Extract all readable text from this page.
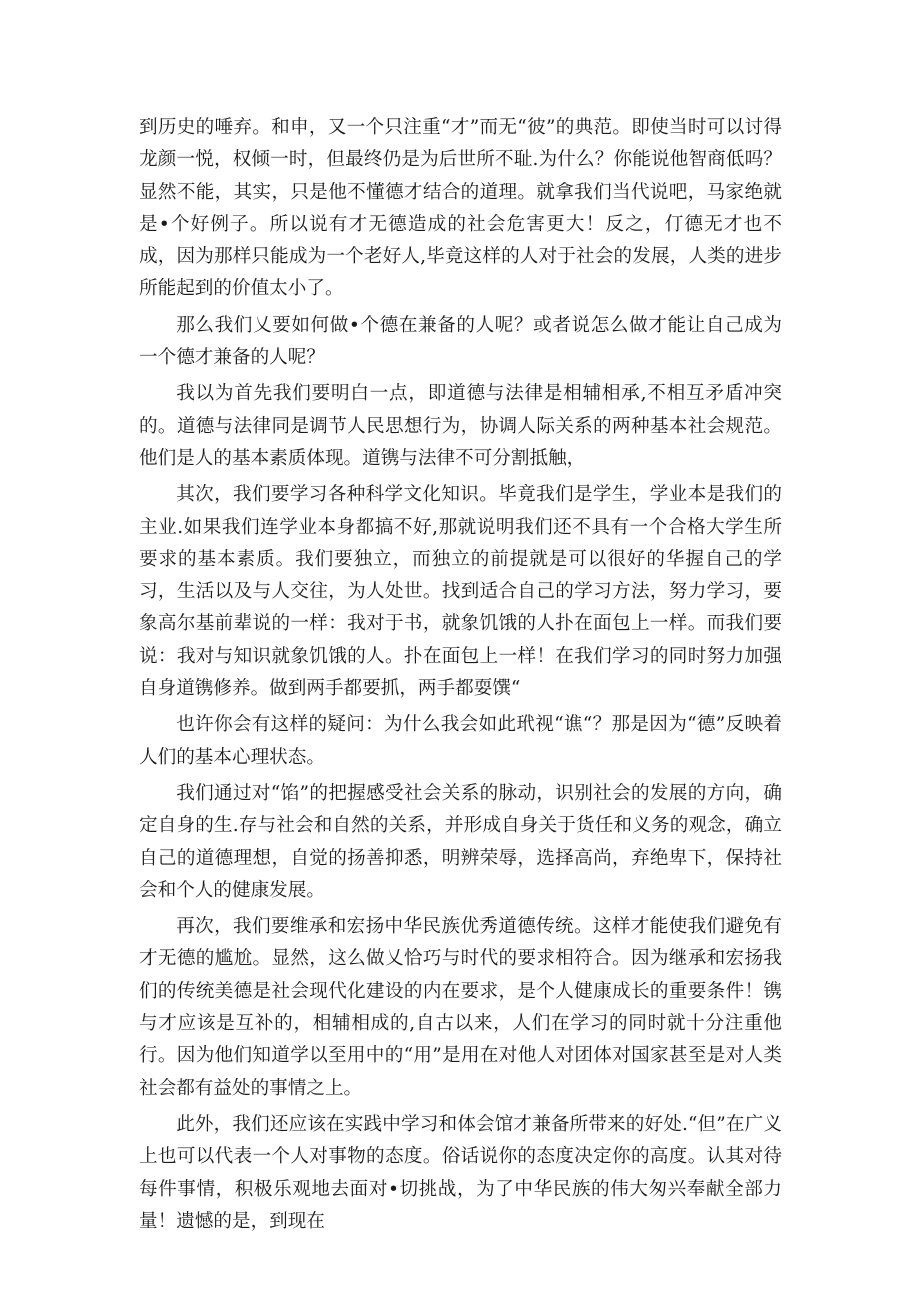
到历史的唾弃。和申，又一个只注重“才”而无“彼”的典范。即使当时可以讨得龙颜一悦，权倾一时，但最终仍是为后世所不耻.为什么？你能说他智商低吗？显然不能，其实，只是他不懂德才结合的道理。就拿我们当代说吧，马家绝就是•个好例子。所以说有才无德造成的社会危害更大！反之，仃德无才也不成，因为那样只能成为一个老好人,毕竟这样的人对于社会的发展，人类的进步所能起到的价值太小了。

那么我们乂要如何做•个德在兼备的人呢？或者说怎么做才能让自己成为一个德才兼备的人呢？

我以为首先我们要明白一点，即道德与法律是相辅相承,不相互矛盾冲突的。道德与法律同是调节人民思想行为，协调人际关系的两种基本社会规范。他们是人的基本素质体现。道镌与法律不可分割抵触，

其次，我们要学习各种科学文化知识。毕竟我们是学生，学业本是我们的主业.如果我们连学业本身都搞不好,那就说明我们还不具有一个合格大学生所要求的基本素质。我们要独立，而独立的前提就是可以很好的华握自己的学习，生活以及与人交往，为人处世。找到适合自己的学习方法，努力学习，要象高尔基前辈说的一样：我对于书，就象饥饿的人扑在面包上一样。而我们要说：我对与知识就象饥饿的人。扑在面包上一样！在我们学习的同时努力加强自身道镌修养。做到两手都要抓，两手都耍馔“

也许你会有这样的疑问：为什么我会如此玳视“谯“？那是因为“德”反映着人们的基本心理状态。

我们通过对“馅”的把握感受社会关系的脉动，识别社会的发展的方向，确定自身的生.存与社会和自然的关系，并形成自身关于货任和义务的观念，确立自己的道德理想，自觉的扬善抑悉，明辨荣辱，选择高尚，弃绝卑下，保持社会和个人的健康发展。

再次，我们要维承和宏扬中华民族优秀道德传统。这样才能使我们避免有才无德的尴尬。显然，这么做乂恰巧与时代的要求相符合。因为继承和宏扬我们的传统美德是社会现代化建设的内在要求，是个人健康成长的重要条件！镌与才应该是互补的，相辅相成的,自古以来，人们在学习的同时就十分注重他行。因为他们知道学以至用中的“用”是用在对他人对团体对国家甚至是对人类社会都有益处的事情之上。

此外，我们还应该在实践中学习和体会馆才兼备所带来的好处.“但”在广义上也可以代表一个人对事物的态度。俗话说你的态度决定你的高度。认其对待每件事情，积极乐观地去面对•切挑战，为了中华民族的伟大匆兴奉献全部力量！遗憾的是，到现在
